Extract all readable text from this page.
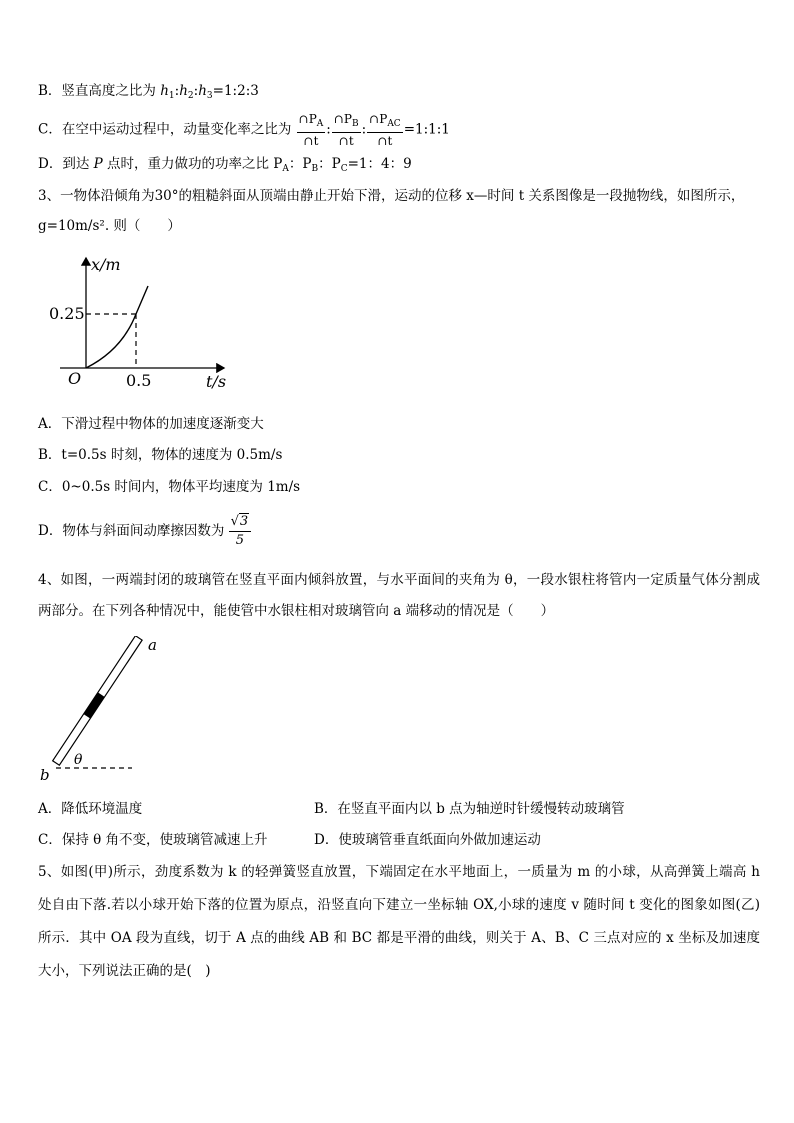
B．竖直高度之比为 $h_1:h_2:h_3=1:2:3$
C．在空中运动过程中，动量变化率之比为 $\frac{\cap P_A}{\cap t}$ : $\frac{\cap P_B}{\cap t}$ : $\frac{\cap P_{AC}}{\cap t}$ =1:1:1
D．到达 P 点时，重力做功的功率之比 $P_A$：$P_B$：$P_C=1$：4：9
3、一物体沿倾角为30°的粗糙斜面从顶端由静止开始下滑，运动的位移 x—时间 t 关系图像是一段抛物线，如图所示，
g=10m/s². 则（　　）
x/m
t/s
O
0.25
0.5
A．下滑过程中物体的加速度逐渐变大
B．t=0.5s 时刻，物体的速度为 0.5m/s
C．0~0.5s 时间内，物体平均速度为 1m/s
D．物体与斜面间动摩擦因数为 $\frac{√3}{5}$
4、如图，一两端封闭的玻璃管在竖直平面内倾斜放置，与水平面间的夹角为 θ，一段水银柱将管内一定质量气体分割成两部分。在下列各种情况中，能使管中水银柱相对玻璃管向 a 端移动的情况是（　　）
a
b
θ
A．降低环境温度	B．在竖直平面内以 b 点为轴逆时针缓慢转动玻璃管
C．保持 θ 角不变，使玻璃管减速上升	D．使玻璃管垂直纸面向外做加速运动
5、如图(甲)所示，劲度系数为 k 的轻弹簧竖直放置，下端固定在水平地面上，一质量为 m 的小球，从高弹簧上端高 h 处自由下落.若以小球开始下落的位置为原点，沿竖直向下建立一坐标轴 OX,小球的速度 v 随时间 t 变化的图象如图(乙)所示．其中 OA 段为直线，切于 A 点的曲线 AB 和 BC 都是平滑的曲线，则关于 A、B、C 三点对应的 x 坐标及加速度大小，下列说法正确的是(　)
